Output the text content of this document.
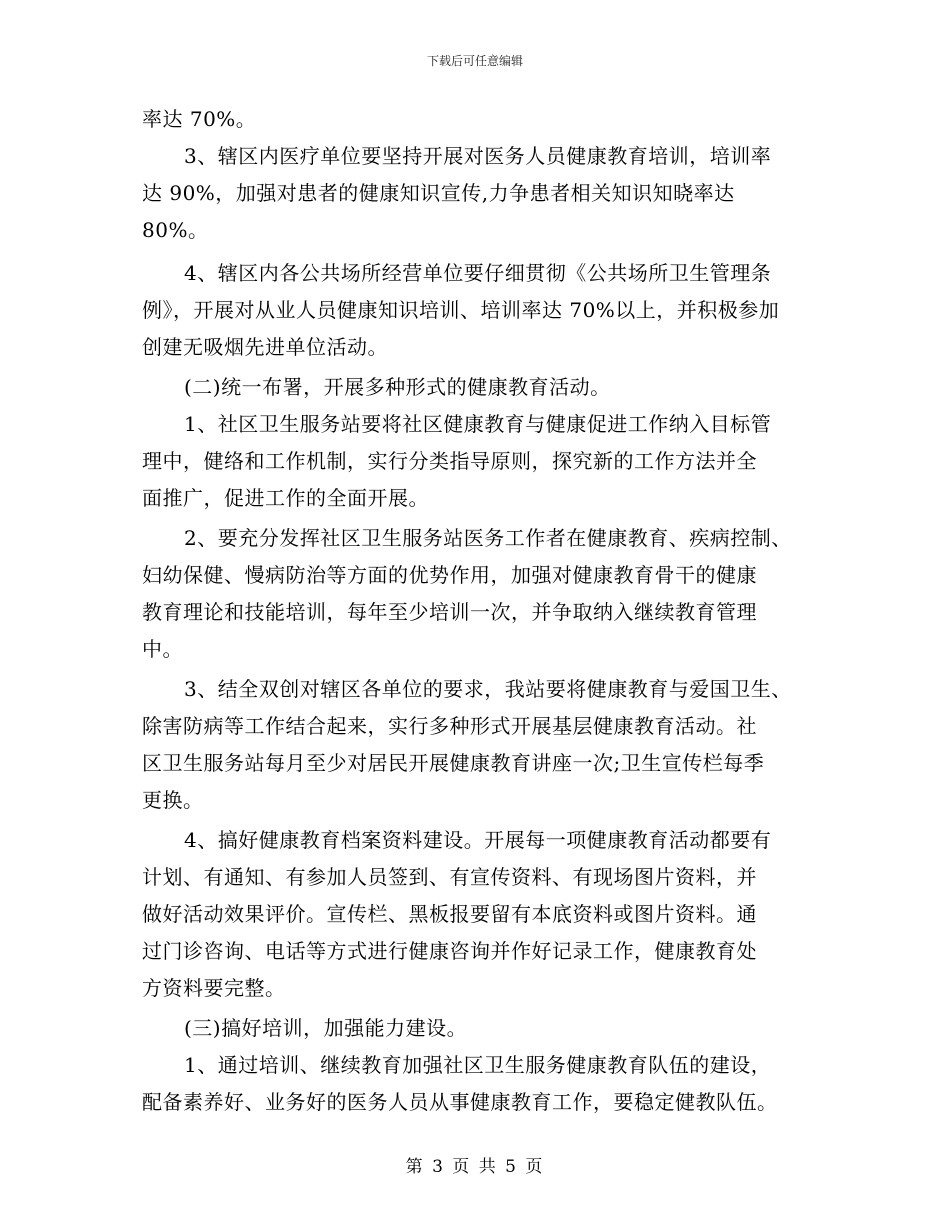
下载后可任意编辑
率达 70%。
3、辖区内医疗单位要坚持开展对医务人员健康教育培训，培训率
达 90%，加强对患者的健康知识宣传,力争患者相关知识知晓率达
80%。
4、辖区内各公共场所经营单位要仔细贯彻《公共场所卫生管理条
例》，开展对从业人员健康知识培训、培训率达 70%以上，并积极参加
创建无吸烟先进单位活动。
(二)统一布署，开展多种形式的健康教育活动。
1、社区卫生服务站要将社区健康教育与健康促进工作纳入目标管
理中，健络和工作机制，实行分类指导原则，探究新的工作方法并全
面推广，促进工作的全面开展。
2、要充分发挥社区卫生服务站医务工作者在健康教育、疾病控制、
妇幼保健、慢病防治等方面的优势作用，加强对健康教育骨干的健康
教育理论和技能培训，每年至少培训一次，并争取纳入继续教育管理
中。
3、结全双创对辖区各单位的要求，我站要将健康教育与爱国卫生、
除害防病等工作结合起来，实行多种形式开展基层健康教育活动。社
区卫生服务站每月至少对居民开展健康教育讲座一次;卫生宣传栏每季
更换。
4、搞好健康教育档案资料建设。开展每一项健康教育活动都要有
计划、有通知、有参加人员签到、有宣传资料、有现场图片资料，并
做好活动效果评价。宣传栏、黑板报要留有本底资料或图片资料。通
过门诊咨询、电话等方式进行健康咨询并作好记录工作，健康教育处
方资料要完整。
(三)搞好培训，加强能力建设。
1、通过培训、继续教育加强社区卫生服务健康教育队伍的建设，
配备素养好、业务好的医务人员从事健康教育工作，要稳定健教队伍。
第 3 页 共 5 页
